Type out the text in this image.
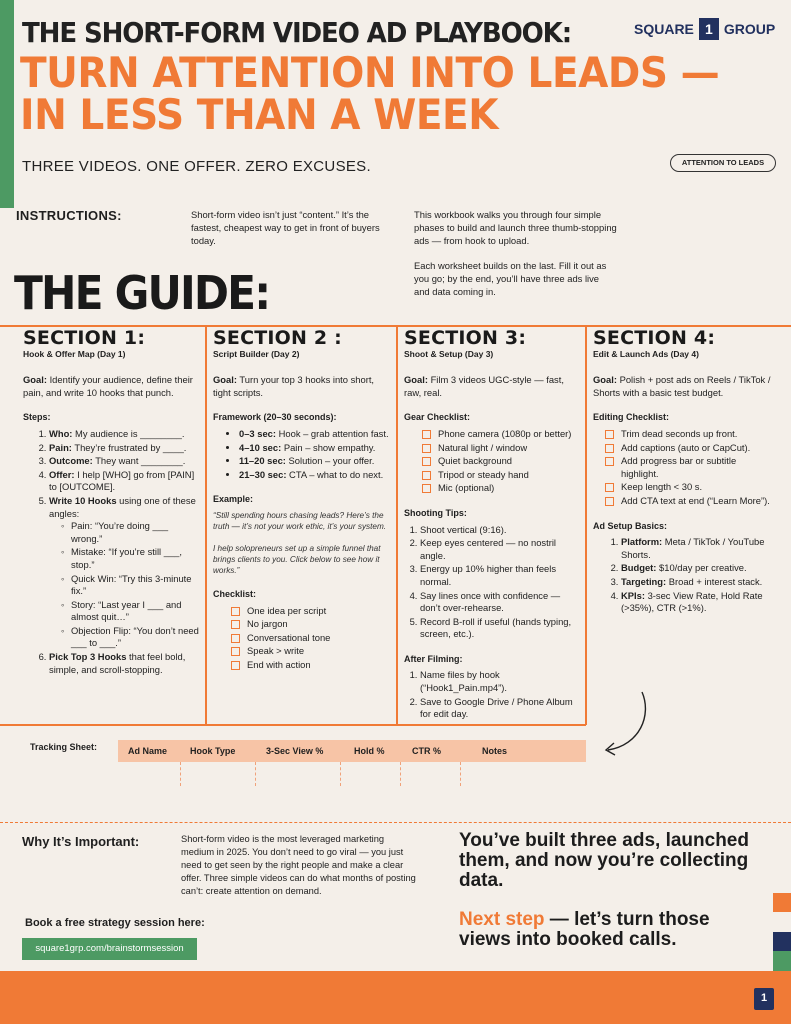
THE SHORT-FORM VIDEO AD PLAYBOOK:
TURN ATTENTION INTO LEADS —
IN LESS THAN A WEEK
THREE VIDEOS. ONE OFFER. ZERO EXCUSES.
SQUARE 1 GROUP
ATTENTION TO LEADS
INSTRUCTIONS:	Short-form video isn’t just “content.” It’s the fastest, cheapest way to get in front of buyers today.
This workbook walks you through four simple phases to build and launch three thumb-stopping ads — from hook to upload.
Each worksheet builds on the last. Fill it out as you go; by the end, you’ll have three ads live and data coming in.
THE GUIDE:
SECTION 1:
Hook & Offer Map (Day 1)
Goal: Identify your audience, define their pain, and write 10 hooks that punch.
Steps:
1. Who: My audience is ________.
2. Pain: They’re frustrated by ____.
3. Outcome: They want ________.
4. Offer: I help [WHO] go from [PAIN] to [OUTCOME].
5. Write 10 Hooks using one of these angles:
◦ Pain: “You’re doing ___ wrong.”
◦ Mistake: “If you’re still ___, stop.”
◦ Quick Win: “Try this 3-minute fix.”
◦ Story: “Last year I ___ and almost quit…”
◦ Objection Flip: “You don’t need ___ to ___.”
6. Pick Top 3 Hooks that feel bold, simple, and scroll-stopping.
SECTION 2 :
Script Builder (Day 2)
Goal: Turn your top 3 hooks into short, tight scripts.
Framework (20–30 seconds):
• 0–3 sec: Hook – grab attention fast.
• 4–10 sec: Pain – show empathy.
• 11–20 sec: Solution – your offer.
• 21–30 sec: CTA – what to do next.
Example:
“Still spending hours chasing leads? Here’s the truth — it’s not your work ethic, it’s your system.
I help solopreneurs set up a simple funnel that brings clients to you. Click below to see how it works.”
Checklist:
One idea per script
No jargon
Conversational tone
Speak > write
End with action
SECTION 3:
Shoot & Setup (Day 3)
Goal: Film 3 videos UGC-style — fast, raw, real.
Gear Checklist:
Phone camera (1080p or better)
Natural light / window
Quiet background
Tripod or steady hand
Mic (optional)
Shooting Tips:
1. Shoot vertical (9:16).
2. Keep eyes centered — no nostril angle.
3. Energy up 10% higher than feels normal.
4. Say lines once with confidence — don’t over-rehearse.
5. Record B-roll if useful (hands typing, screen, etc.).
After Filming:
1. Name files by hook (“Hook1_Pain.mp4”).
2. Save to Google Drive / Phone Album for edit day.
SECTION 4:
Edit & Launch Ads (Day 4)
Goal: Polish + post ads on Reels / TikTok / Shorts with a basic test budget.
Editing Checklist:
Trim dead seconds up front.
Add captions (auto or CapCut).
Add progress bar or subtitle highlight.
Keep length < 30 s.
Add CTA text at end (“Learn More”).
Ad Setup Basics:
1. Platform: Meta / TikTok / YouTube Shorts.
2. Budget: $10/day per creative.
3. Targeting: Broad + interest stack.
4. KPIs: 3-sec View Rate, Hold Rate (>35%), CTR (>1%).
Tracking Sheet:	Ad Name	Hook Type	3-Sec View %	Hold %	CTR %	Notes
Why It’s Important:	Short-form video is the most leveraged marketing medium in 2025. You don’t need to go viral — you just need to get seen by the right people and make a clear offer. Three simple videos can do what months of posting can’t: create attention on demand.
You’ve built three ads, launched them, and now you’re collecting data.
Next step — let’s turn those views into booked calls.
Book a free strategy session here:
square1grp.com/brainstormsession
1
